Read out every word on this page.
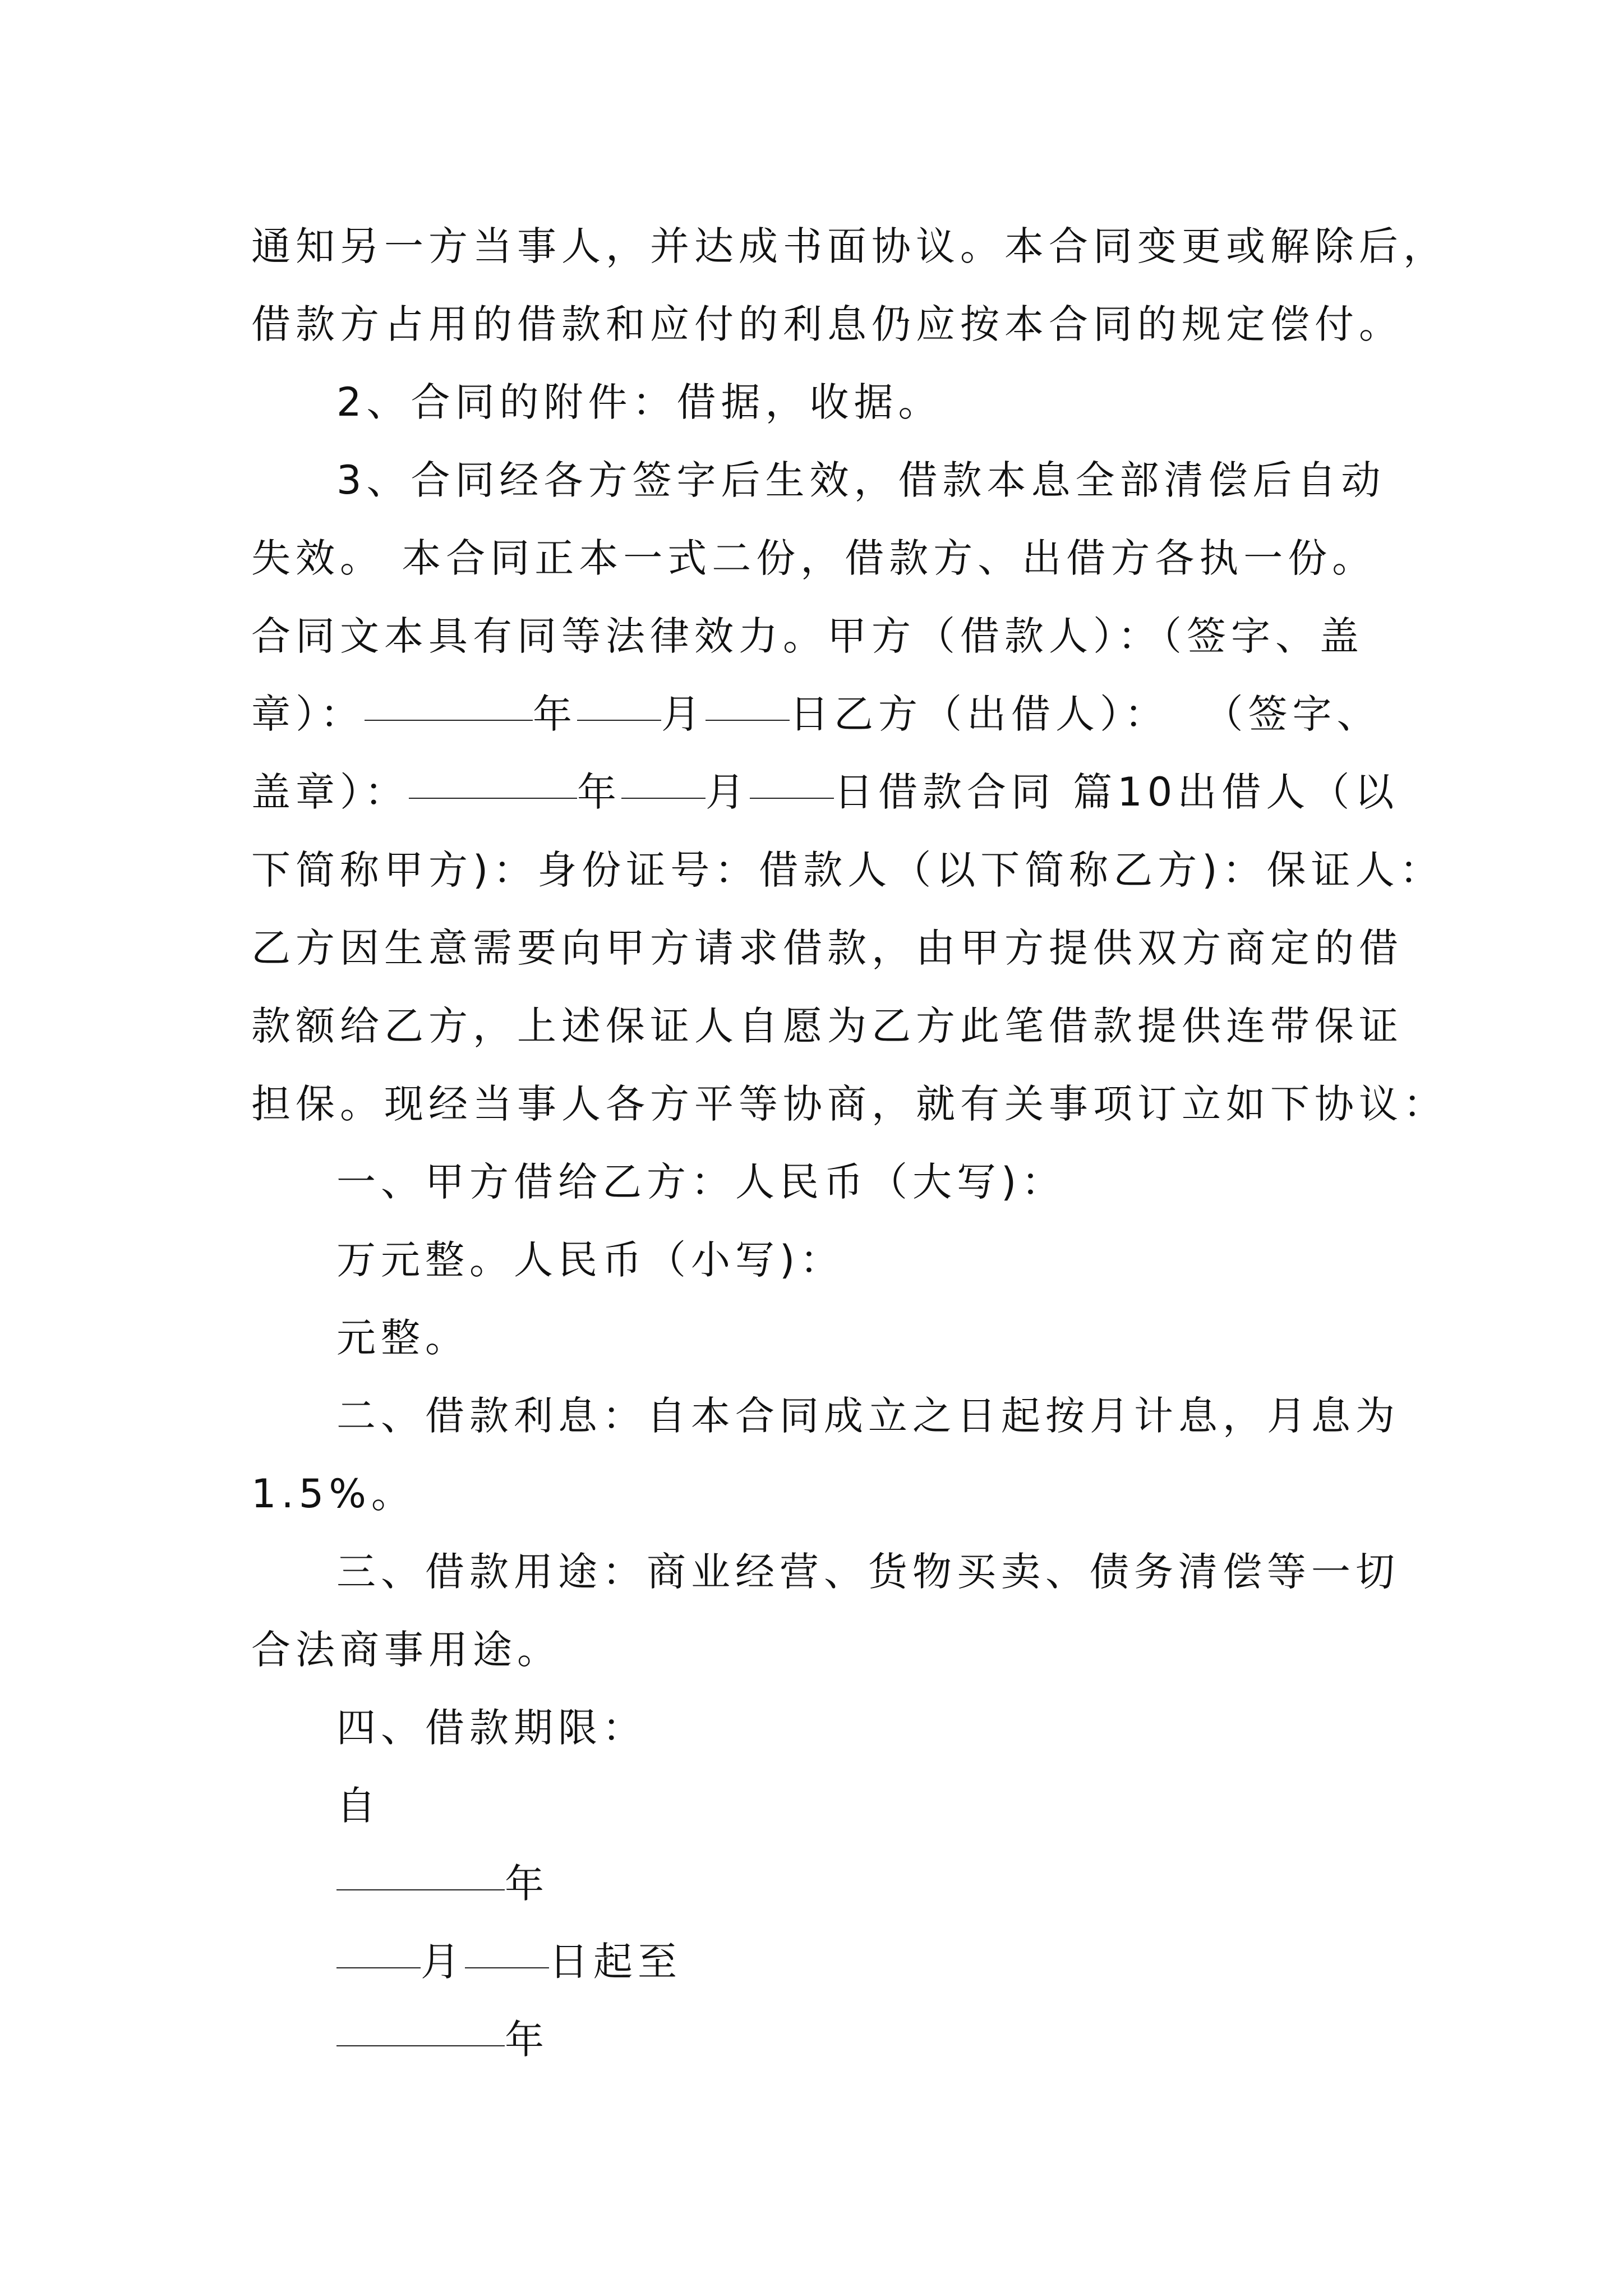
通知另一方当事人，并达成书面协议。本合同变更或解除后，
借款方占用的借款和应付的利息仍应按本合同的规定偿付。
2、合同的附件：借据，收据。
3、合同经各方签字后生效，借款本息全部清偿后自动
失效。 本合同正本一式二份，借款方、出借方各执一份。
合同文本具有同等法律效力。甲方（借款人）：（签字、盖
章）：	年 月 日乙方（出借人）：  （签字、
盖章）：	年 月 日借款合同 篇10出借人（以
下简称甲方)：身份证号：借款人（以下简称乙方)：保证人：
乙方因生意需要向甲方请求借款，由甲方提供双方商定的借
款额给乙方，上述保证人自愿为乙方此笔借款提供连带保证
担保。现经当事人各方平等协商，就有关事项订立如下协议：
一、甲方借给乙方：人民币（大写)：
万元整。人民币（小写)：
元整。
二、借款利息：自本合同成立之日起按月计息，月息为
1.5%。
三、借款用途：商业经营、货物买卖、债务清偿等一切
合法商事用途。
四、借款期限：
自
年
月 日起至
年
